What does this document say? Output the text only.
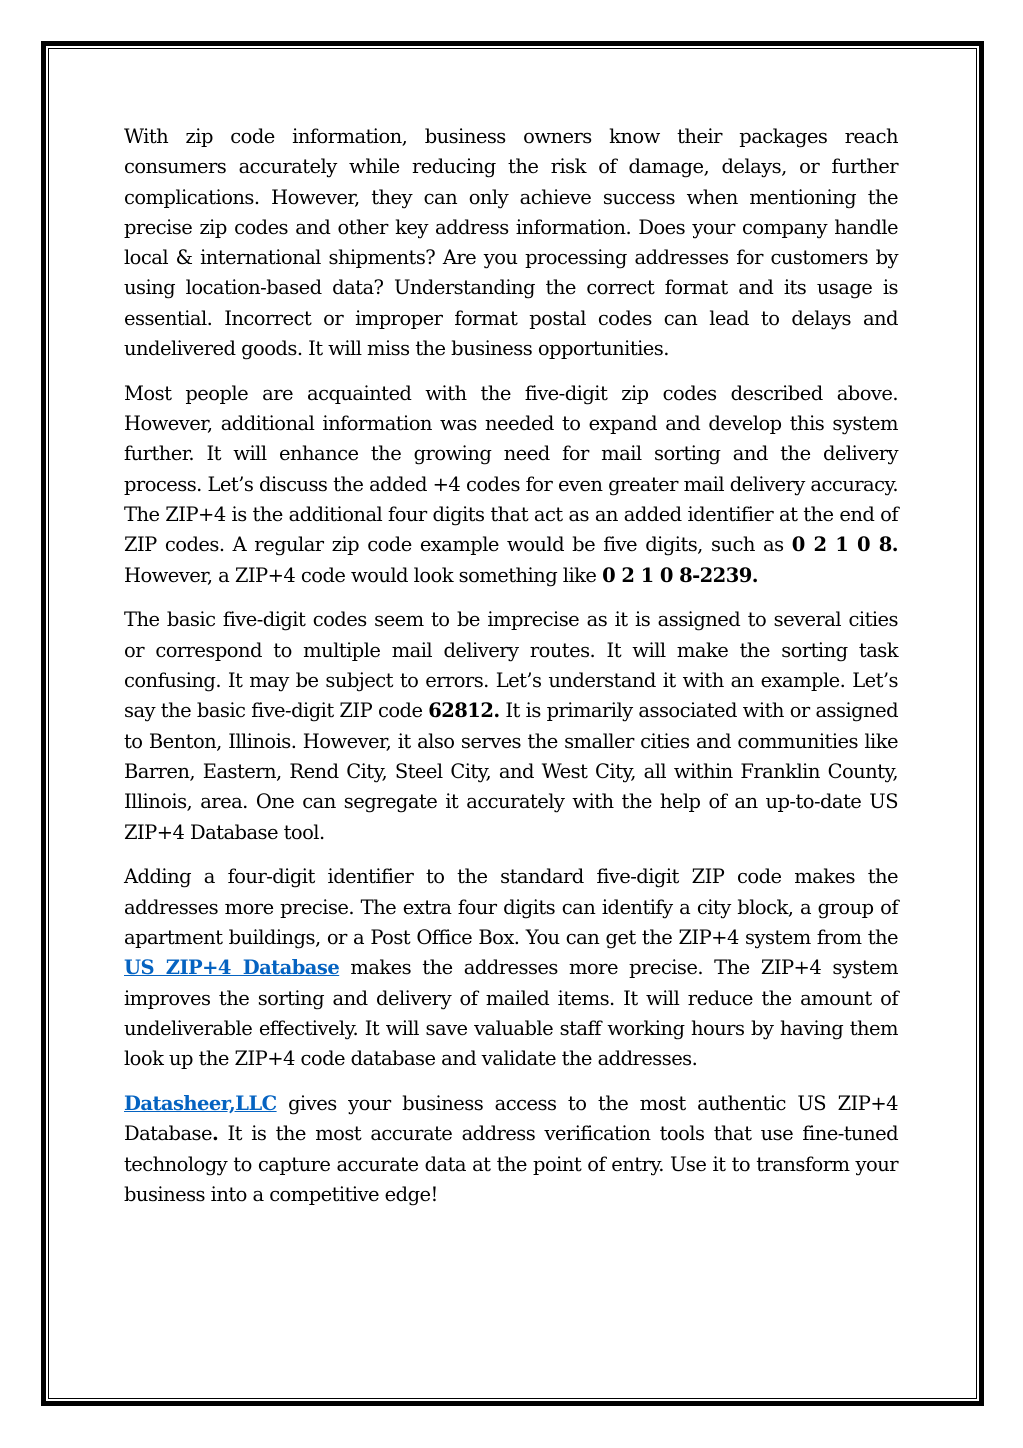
With zip code information, business owners know their packages reach consumers accurately while reducing the risk of damage, delays, or further complications. However, they can only achieve success when mentioning the precise zip codes and other key address information. Does your company handle local & international shipments? Are you processing addresses for customers by using location-based data? Understanding the correct format and its usage is essential. Incorrect or improper format postal codes can lead to delays and undelivered goods. It will miss the business opportunities.

Most people are acquainted with the five-digit zip codes described above. However, additional information was needed to expand and develop this system further. It will enhance the growing need for mail sorting and the delivery process. Let’s discuss the added +4 codes for even greater mail delivery accuracy. The ZIP+4 is the additional four digits that act as an added identifier at the end of ZIP codes. A regular zip code example would be five digits, such as 0 2 1 0 8. However, a ZIP+4 code would look something like 0 2 1 0 8-2239.

The basic five-digit codes seem to be imprecise as it is assigned to several cities or correspond to multiple mail delivery routes. It will make the sorting task confusing. It may be subject to errors. Let’s understand it with an example. Let’s say the basic five-digit ZIP code 62812. It is primarily associated with or assigned to Benton, Illinois. However, it also serves the smaller cities and communities like Barren, Eastern, Rend City, Steel City, and West City, all within Franklin County, Illinois, area. One can segregate it accurately with the help of an up-to-date US ZIP+4 Database tool.

Adding a four-digit identifier to the standard five-digit ZIP code makes the addresses more precise. The extra four digits can identify a city block, a group of apartment buildings, or a Post Office Box. You can get the ZIP+4 system from the US ZIP+4 Database makes the addresses more precise. The ZIP+4 system improves the sorting and delivery of mailed items. It will reduce the amount of undeliverable effectively. It will save valuable staff working hours by having them look up the ZIP+4 code database and validate the addresses.

Datasheer,LLC gives your business access to the most authentic US ZIP+4 Database. It is the most accurate address verification tools that use fine-tuned technology to capture accurate data at the point of entry. Use it to transform your business into a competitive edge!
